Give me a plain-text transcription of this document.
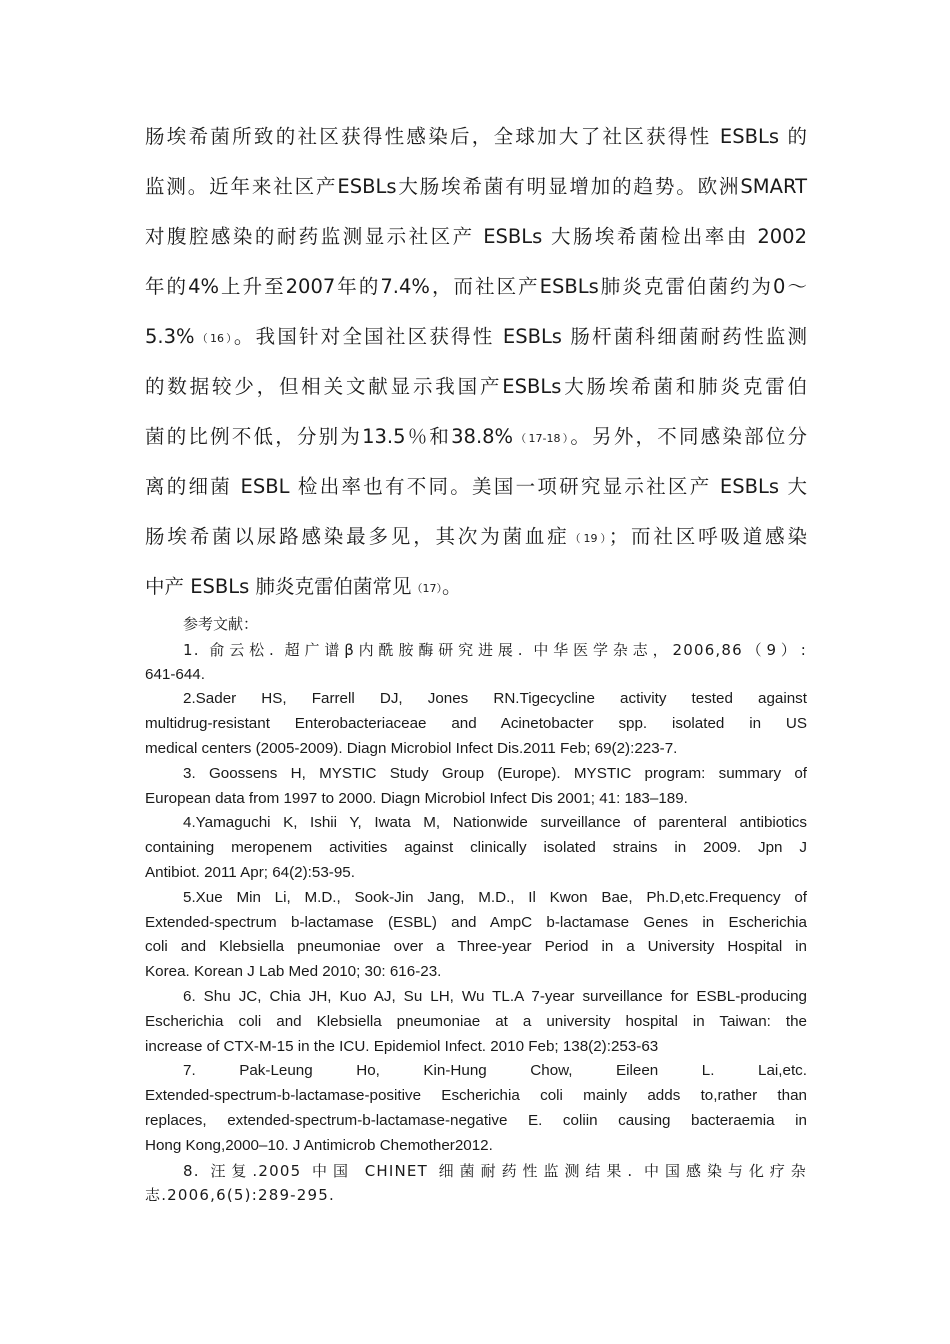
肠埃希菌所致的社区获得性感染后，全球加大了社区获得性 ESBLs 的
监测。近年来社区产ESBLs大肠埃希菌有明显增加的趋势。欧洲SMART
对腹腔感染的耐药监测显示社区产 ESBLs 大肠埃希菌检出率由 2002
年的4%上升至2007年的7.4%，而社区产ESBLs肺炎克雷伯菌约为0～
5.3%（16）。我国针对全国社区获得性 ESBLs 肠杆菌科细菌耐药性监测
的数据较少，但相关文献显示我国产ESBLs大肠埃希菌和肺炎克雷伯
菌的比例不低，分别为13.5％和38.8%（17-18）。另外，不同感染部位分
离的细菌 ESBL 检出率也有不同。美国一项研究显示社区产 ESBLs 大
肠埃希菌以尿路感染最多见，其次为菌血症（19）；而社区呼吸道感染
中产 ESBLs 肺炎克雷伯菌常见（17）。
参考文献：
1. 俞云松. 超广谱β内酰胺酶研究进展. 中华医学杂志，2006,86（9）:
641-644.
2.Sader HS, Farrell DJ, Jones RN.Tigecycline activity tested against
multidrug-resistant Enterobacteriaceae and Acinetobacter spp. isolated in US
medical centers (2005-2009). Diagn Microbiol Infect Dis.2011 Feb; 69(2):223-7.
3. Goossens H, MYSTIC Study Group (Europe). MYSTIC program: summary of
European data from 1997 to 2000. Diagn Microbiol Infect Dis 2001; 41: 183–189.
4.Yamaguchi K, Ishii Y, Iwata M, Nationwide surveillance of parenteral antibiotics
containing meropenem activities against clinically isolated strains in 2009. Jpn J
Antibiot. 2011 Apr; 64(2):53-95.
5.Xue Min Li, M.D., Sook-Jin Jang, M.D., Il Kwon Bae, Ph.D,etc.Frequency of
Extended-spectrum b-lactamase (ESBL) and AmpC b-lactamase Genes in Escherichia
coli and Klebsiella pneumoniae over a Three-year Period in a University Hospital in
Korea. Korean J Lab Med 2010; 30: 616-23.
6. Shu JC, Chia JH, Kuo AJ, Su LH, Wu TL.A 7-year surveillance for ESBL-producing
Escherichia coli and Klebsiella pneumoniae at a university hospital in Taiwan: the
increase of CTX-M-15 in the ICU. Epidemiol Infect. 2010 Feb; 138(2):253-63
7. Pak-Leung Ho, Kin-Hung Chow, Eileen L. Lai,etc.
Extended-spectrum-b-lactamase-positive Escherichia coli mainly adds to,rather than
replaces, extended-spectrum-b-lactamase-negative E. coliin causing bacteraemia in
Hong Kong,2000–10. J Antimicrob Chemother2012.
8. 汪复.2005 中国 CHINET 细菌耐药性监测结果. 中国感染与化疗杂
志.2006,6(5):289-295.
